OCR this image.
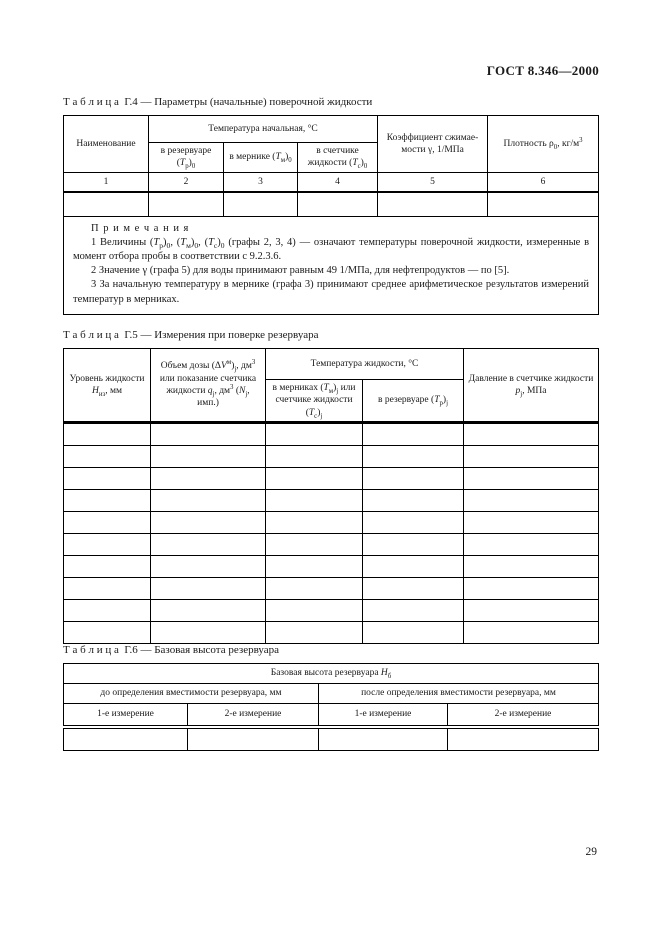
ГОСТ 8.346—2000
Т а б л и ц а  Г.4 — Параметры (начальные) поверочной жидкости
Наименование	Температура начальная, °С			Коэффициент сжимаемости γ, 1/МПа	Плотность $\rho_0$, $кг/м^3$
	в резервуаре $(T_р)_0$	в мернике $(T_м)_0$	в счетчике жидкости $(T_с)_0$
1	2	3	4	5	6

П р и м е ч а н и я

1 Величины $(T_р)_0$, $(T_м)_0$, $(T_с)_0$ (графы 2, 3, 4) — означают температуры поверочной жидкости, измеренные в момент отбора пробы в соответствии с 9.2.3.6.

2 Значение γ (графа 5) для воды принимают равным 49 1/МПа, для нефтепродуктов — по [5].

3 За начальную температуру в мернике (графа 3) принимают среднее арифметическое результатов измерений температур в мерниках.					

Т а б л и ц а  Г.5 — Измерения при поверке резервуара
Уровень жидкости $H_{из}$, мм	Объем дозы $(\Delta V^м)_j$, $дм^3$ или показание счетчика жидкости $q_j$, $дм^3$ ($N_j$, имп.)	Температура жидкости, °С		Давление в счетчике жидкости $p_j$, МПа
		в мерниках $(T_м)_j$ или счетчике жидкости $(T_с)_j$	в резервуаре $(T_р)_j$

Т а б л и ц а  Г.6 — Базовая высота резервуара
Базовая высота резервуара $H_б$
до определения вместимости резервуара, мм		после определения вместимости резервуара, мм	
1-е измерение	2-е измерение	1-е измерение	2-е измерение

29
